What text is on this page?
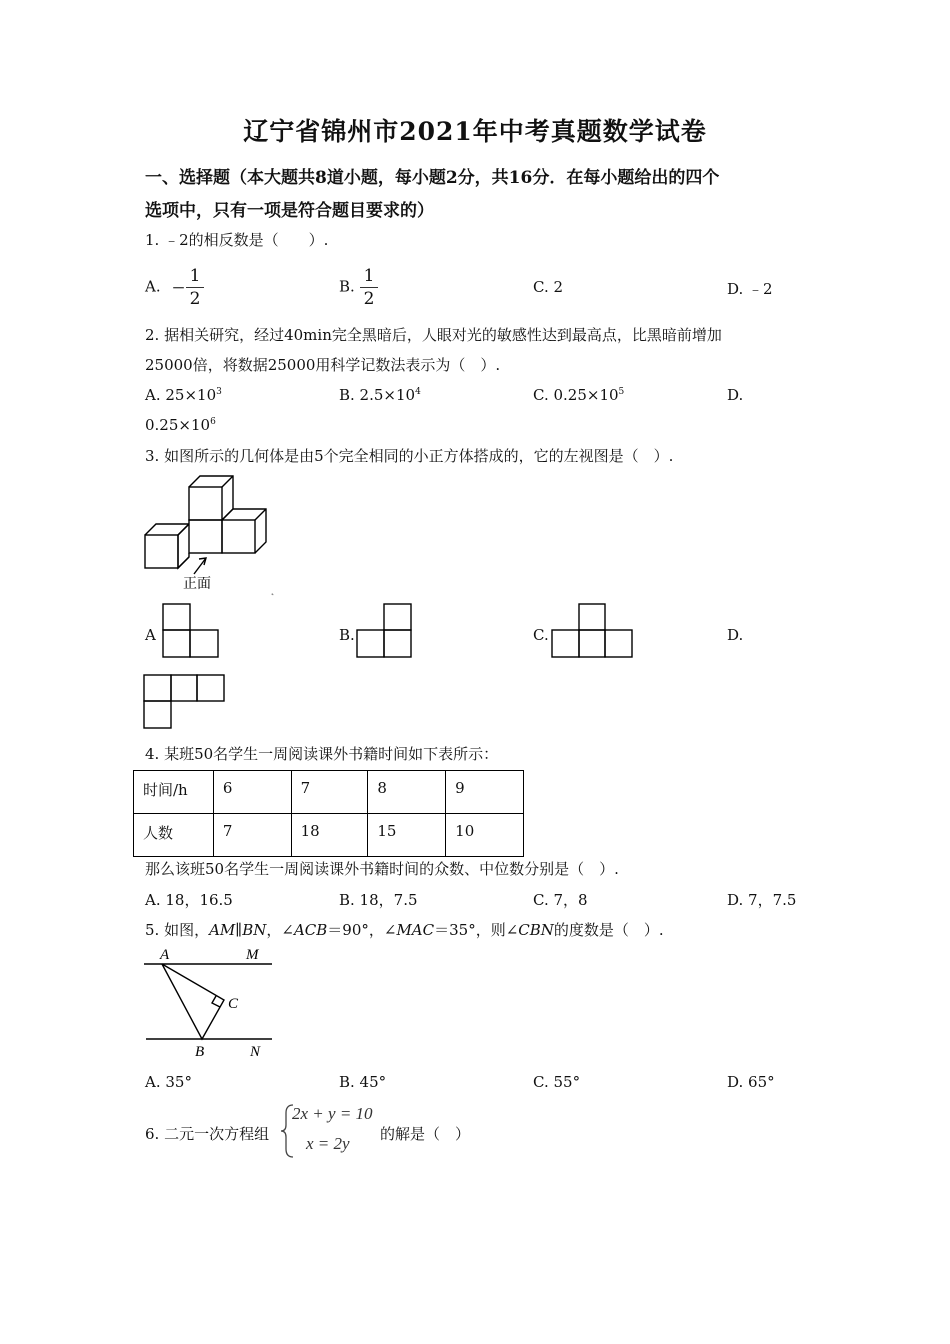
辽宁省锦州市2021年中考真题数学试卷
一、选择题（本大题共8道小题，每小题2分，共16分．在每小题给出的四个
选项中，只有一项是符合题目要求的）
1. ﹣2的相反数是（　　）.
A. − $\frac{1}{2}$	B. $\frac{1}{2}$	C. 2	D. ﹣2
2. 据相关研究，经过40min完全黑暗后，人眼对光的敏感性达到最高点，比黑暗前增加
25000倍，将数据25000用科学记数法表示为（　）.
A. $25\times 10^3$	B. $2.5\times 10^4$	C. $0.25\times 10^5$	D.
$0.25\times 10^6$
3. 如图所示的几何体是由5个完全相同的小正方体搭成的，它的左视图是（　）.
正面	˛
A	B.	C.	D.
4. 某班50名学生一周阅读课外书籍时间如下表所示：
时间/h	6	7	8	9
人数	7	18	15	10
那么该班50名学生一周阅读课外书籍时间的众数、中位数分别是（　）.
A. 18，16.5	B. 18，7.5	C. 7，8	D. 7，7.5
5. 如图，AM∥BN，∠ACB＝90°，∠MAC＝35°，则∠CBN的度数是（　）.
A	M
C
B	N
A. 35°	B. 45°	C. 55°	D. 65°
6. 二元一次方程组
2x + y = 10
x = 2y 的解是（　）
